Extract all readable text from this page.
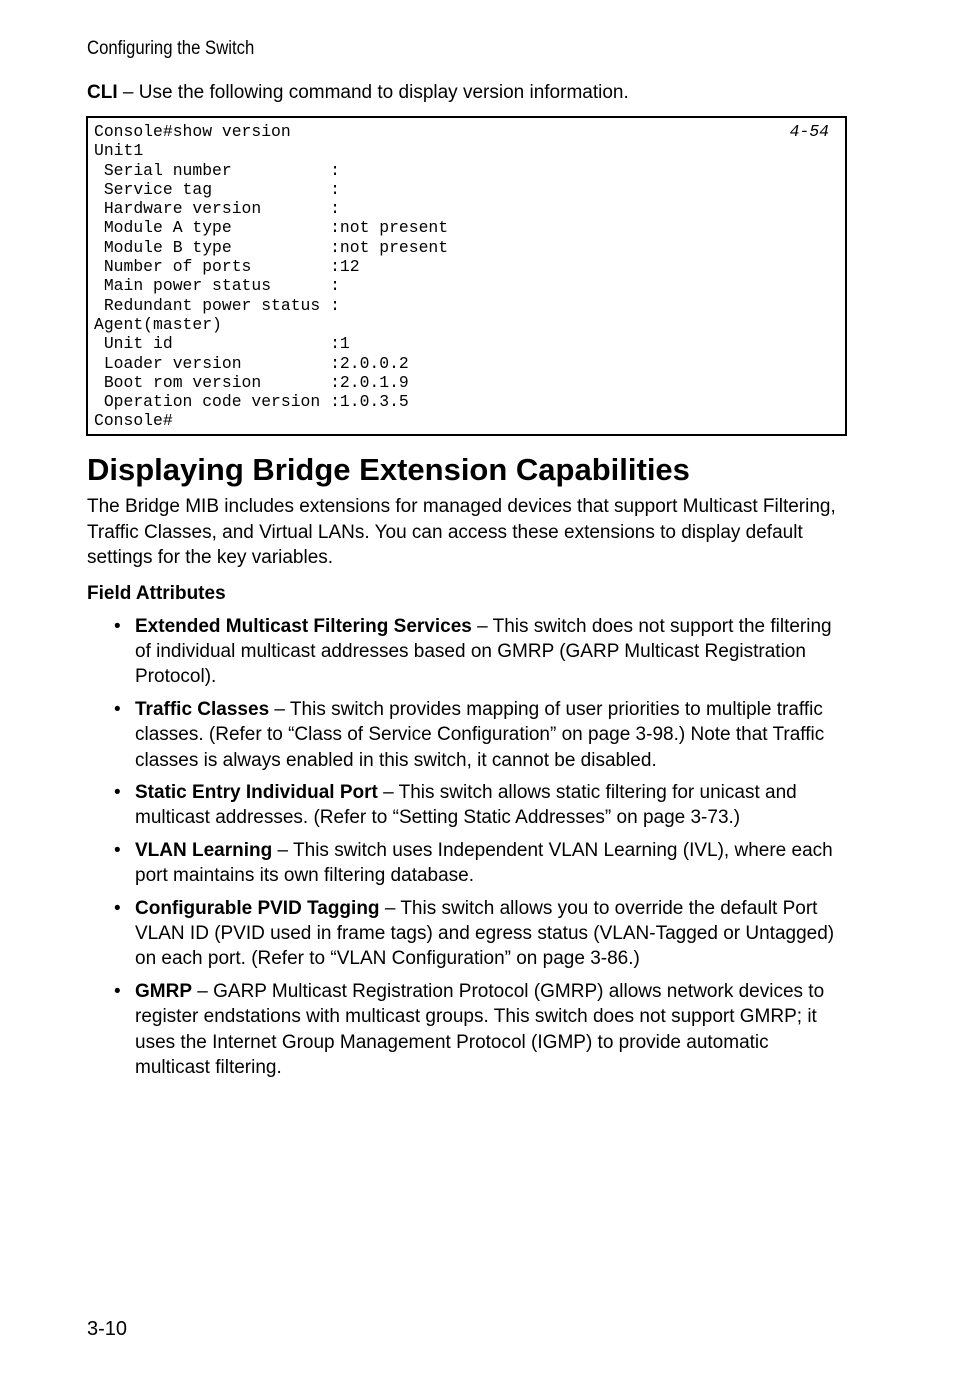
Configuring the Switch

CLI – Use the following command to display version information.

Console#show version
Unit1
Serial number          :
Service tag            :
Hardware version       :
Module A type          :not present
Module B type          :not present
Number of ports        :12
Main power status      :
Redundant power status :
Agent(master)
Unit id                :1
Loader version         :2.0.0.2
Boot rom version       :2.0.1.9
Operation code version :1.0.3.5
Console#
4-54
Displaying Bridge Extension Capabilities

The Bridge MIB includes extensions for managed devices that support Multicast Filtering, Traffic Classes, and Virtual LANs. You can access these extensions to display default settings for the key variables.

Field Attributes
• Extended Multicast Filtering Services – This switch does not support the filtering of individual multicast addresses based on GMRP (GARP Multicast Registration Protocol).
• Traffic Classes – This switch provides mapping of user priorities to multiple traffic classes. (Refer to “Class of Service Configuration” on page 3-98.) Note that Traffic classes is always enabled in this switch, it cannot be disabled.
• Static Entry Individual Port – This switch allows static filtering for unicast and multicast addresses. (Refer to “Setting Static Addresses” on page 3-73.)
• VLAN Learning – This switch uses Independent VLAN Learning (IVL), where each port maintains its own filtering database.
• Configurable PVID Tagging – This switch allows you to override the default Port VLAN ID (PVID used in frame tags) and egress status (VLAN-Tagged or Untagged) on each port. (Refer to “VLAN Configuration” on page 3-86.)
• GMRP – GARP Multicast Registration Protocol (GMRP) allows network devices to register endstations with multicast groups. This switch does not support GMRP; it uses the Internet Group Management Protocol (IGMP) to provide automatic multicast filtering.
3-10
